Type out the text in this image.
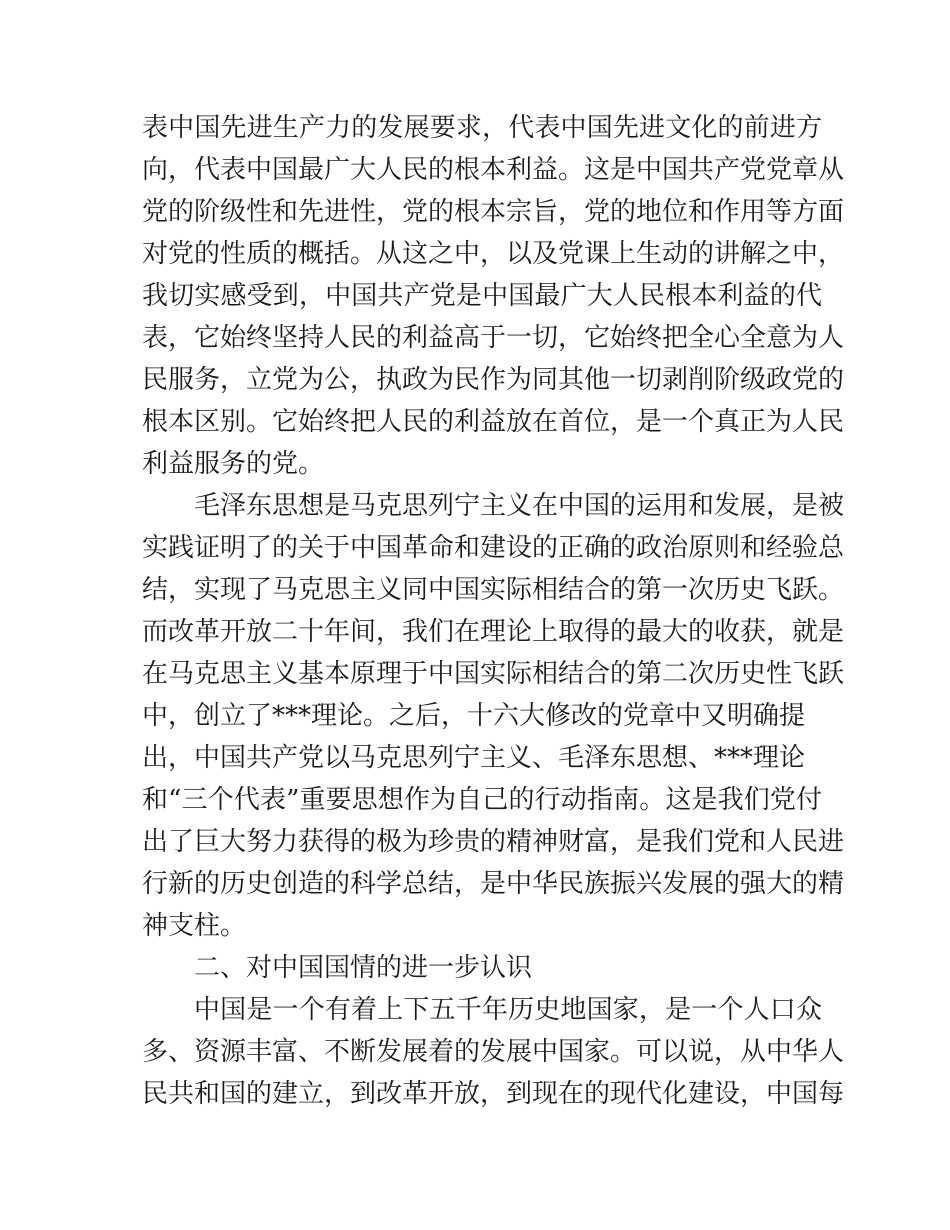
表中国先进生产力的发展要求，代表中国先进文化的前进方
向，代表中国最广大人民的根本利益。这是中国共产党党章从
党的阶级性和先进性，党的根本宗旨，党的地位和作用等方面
对党的性质的概括。从这之中，以及党课上生动的讲解之中，
我切实感受到，中国共产党是中国最广大人民根本利益的代
表，它始终坚持人民的利益高于一切，它始终把全心全意为人
民服务，立党为公，执政为民作为同其他一切剥削阶级政党的
根本区别。它始终把人民的利益放在首位，是一个真正为人民
利益服务的党。
毛泽东思想是马克思列宁主义在中国的运用和发展，是被
实践证明了的关于中国革命和建设的正确的政治原则和经验总
结，实现了马克思主义同中国实际相结合的第一次历史飞跃。
而改革开放二十年间，我们在理论上取得的最大的收获，就是
在马克思主义基本原理于中国实际相结合的第二次历史性飞跃
中，创立了***理论。之后，十六大修改的党章中又明确提
出，中国共产党以马克思列宁主义、毛泽东思想、***理论
和“三个代表”重要思想作为自己的行动指南。这是我们党付
出了巨大努力获得的极为珍贵的精神财富，是我们党和人民进
行新的历史创造的科学总结，是中华民族振兴发展的强大的精
神支柱。
二、对中国国情的进一步认识
中国是一个有着上下五千年历史地国家，是一个人口众
多、资源丰富、不断发展着的发展中国家。可以说，从中华人
民共和国的建立，到改革开放，到现在的现代化建设，中国每
